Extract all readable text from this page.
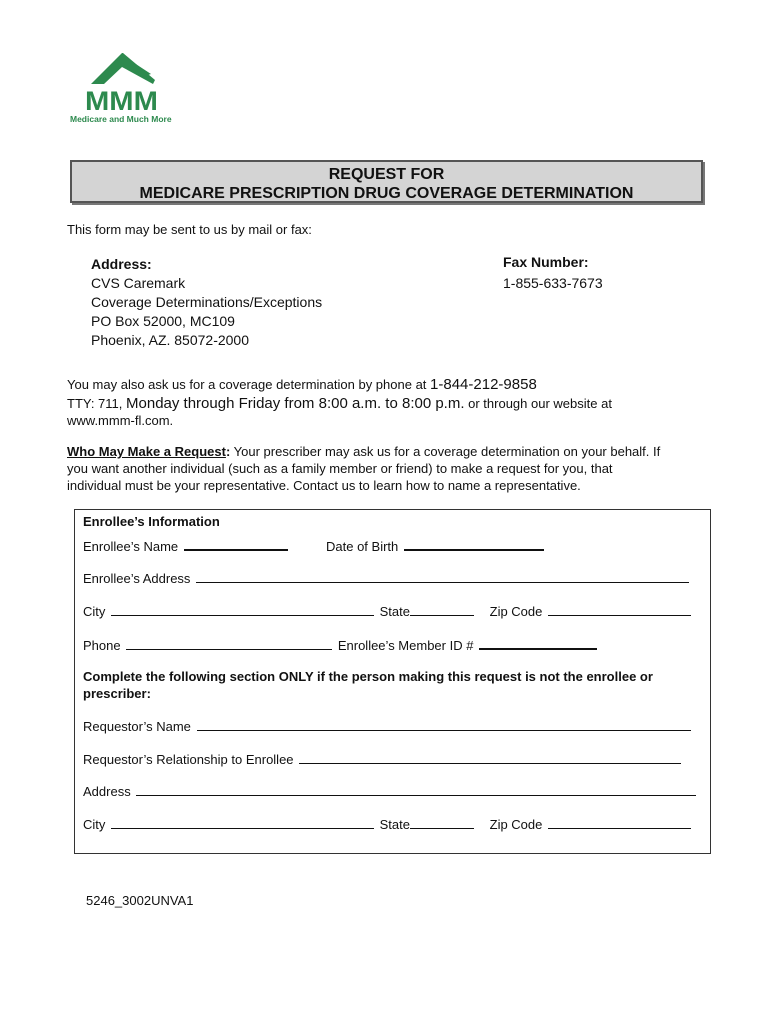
MMM
Medicare and Much More
REQUEST FOR
MEDICARE PRESCRIPTION DRUG COVERAGE DETERMINATION
This form may be sent to us by mail or fax:
Address:
CVS Caremark
Coverage Determinations/Exceptions
PO Box 52000, MC109
Phoenix, AZ. 85072-2000
Fax Number:
1-855-633-7673
You may also ask us for a coverage determination by phone at 1-844-212-9858
TTY: 711, Monday through Friday from 8:00 a.m. to 8:00 p.m. or through our website at
www.mmm-fl.com.
Who May Make a Request: Your prescriber may ask us for a coverage determination on your behalf. If
you want another individual (such as a family member or friend) to make a request for you, that
individual must be your representative. Contact us to learn how to name a representative.
Enrollee’s Information
Enrollee’s Name	Date of Birth
Enrollee’s Address
City	State	Zip Code
Phone	Enrollee’s Member ID #
Complete the following section ONLY if the person making this request is not the enrollee or
prescriber:
Requestor’s Name
Requestor’s Relationship to Enrollee
Address
City	State	Zip Code
5246_3002UNVA1
